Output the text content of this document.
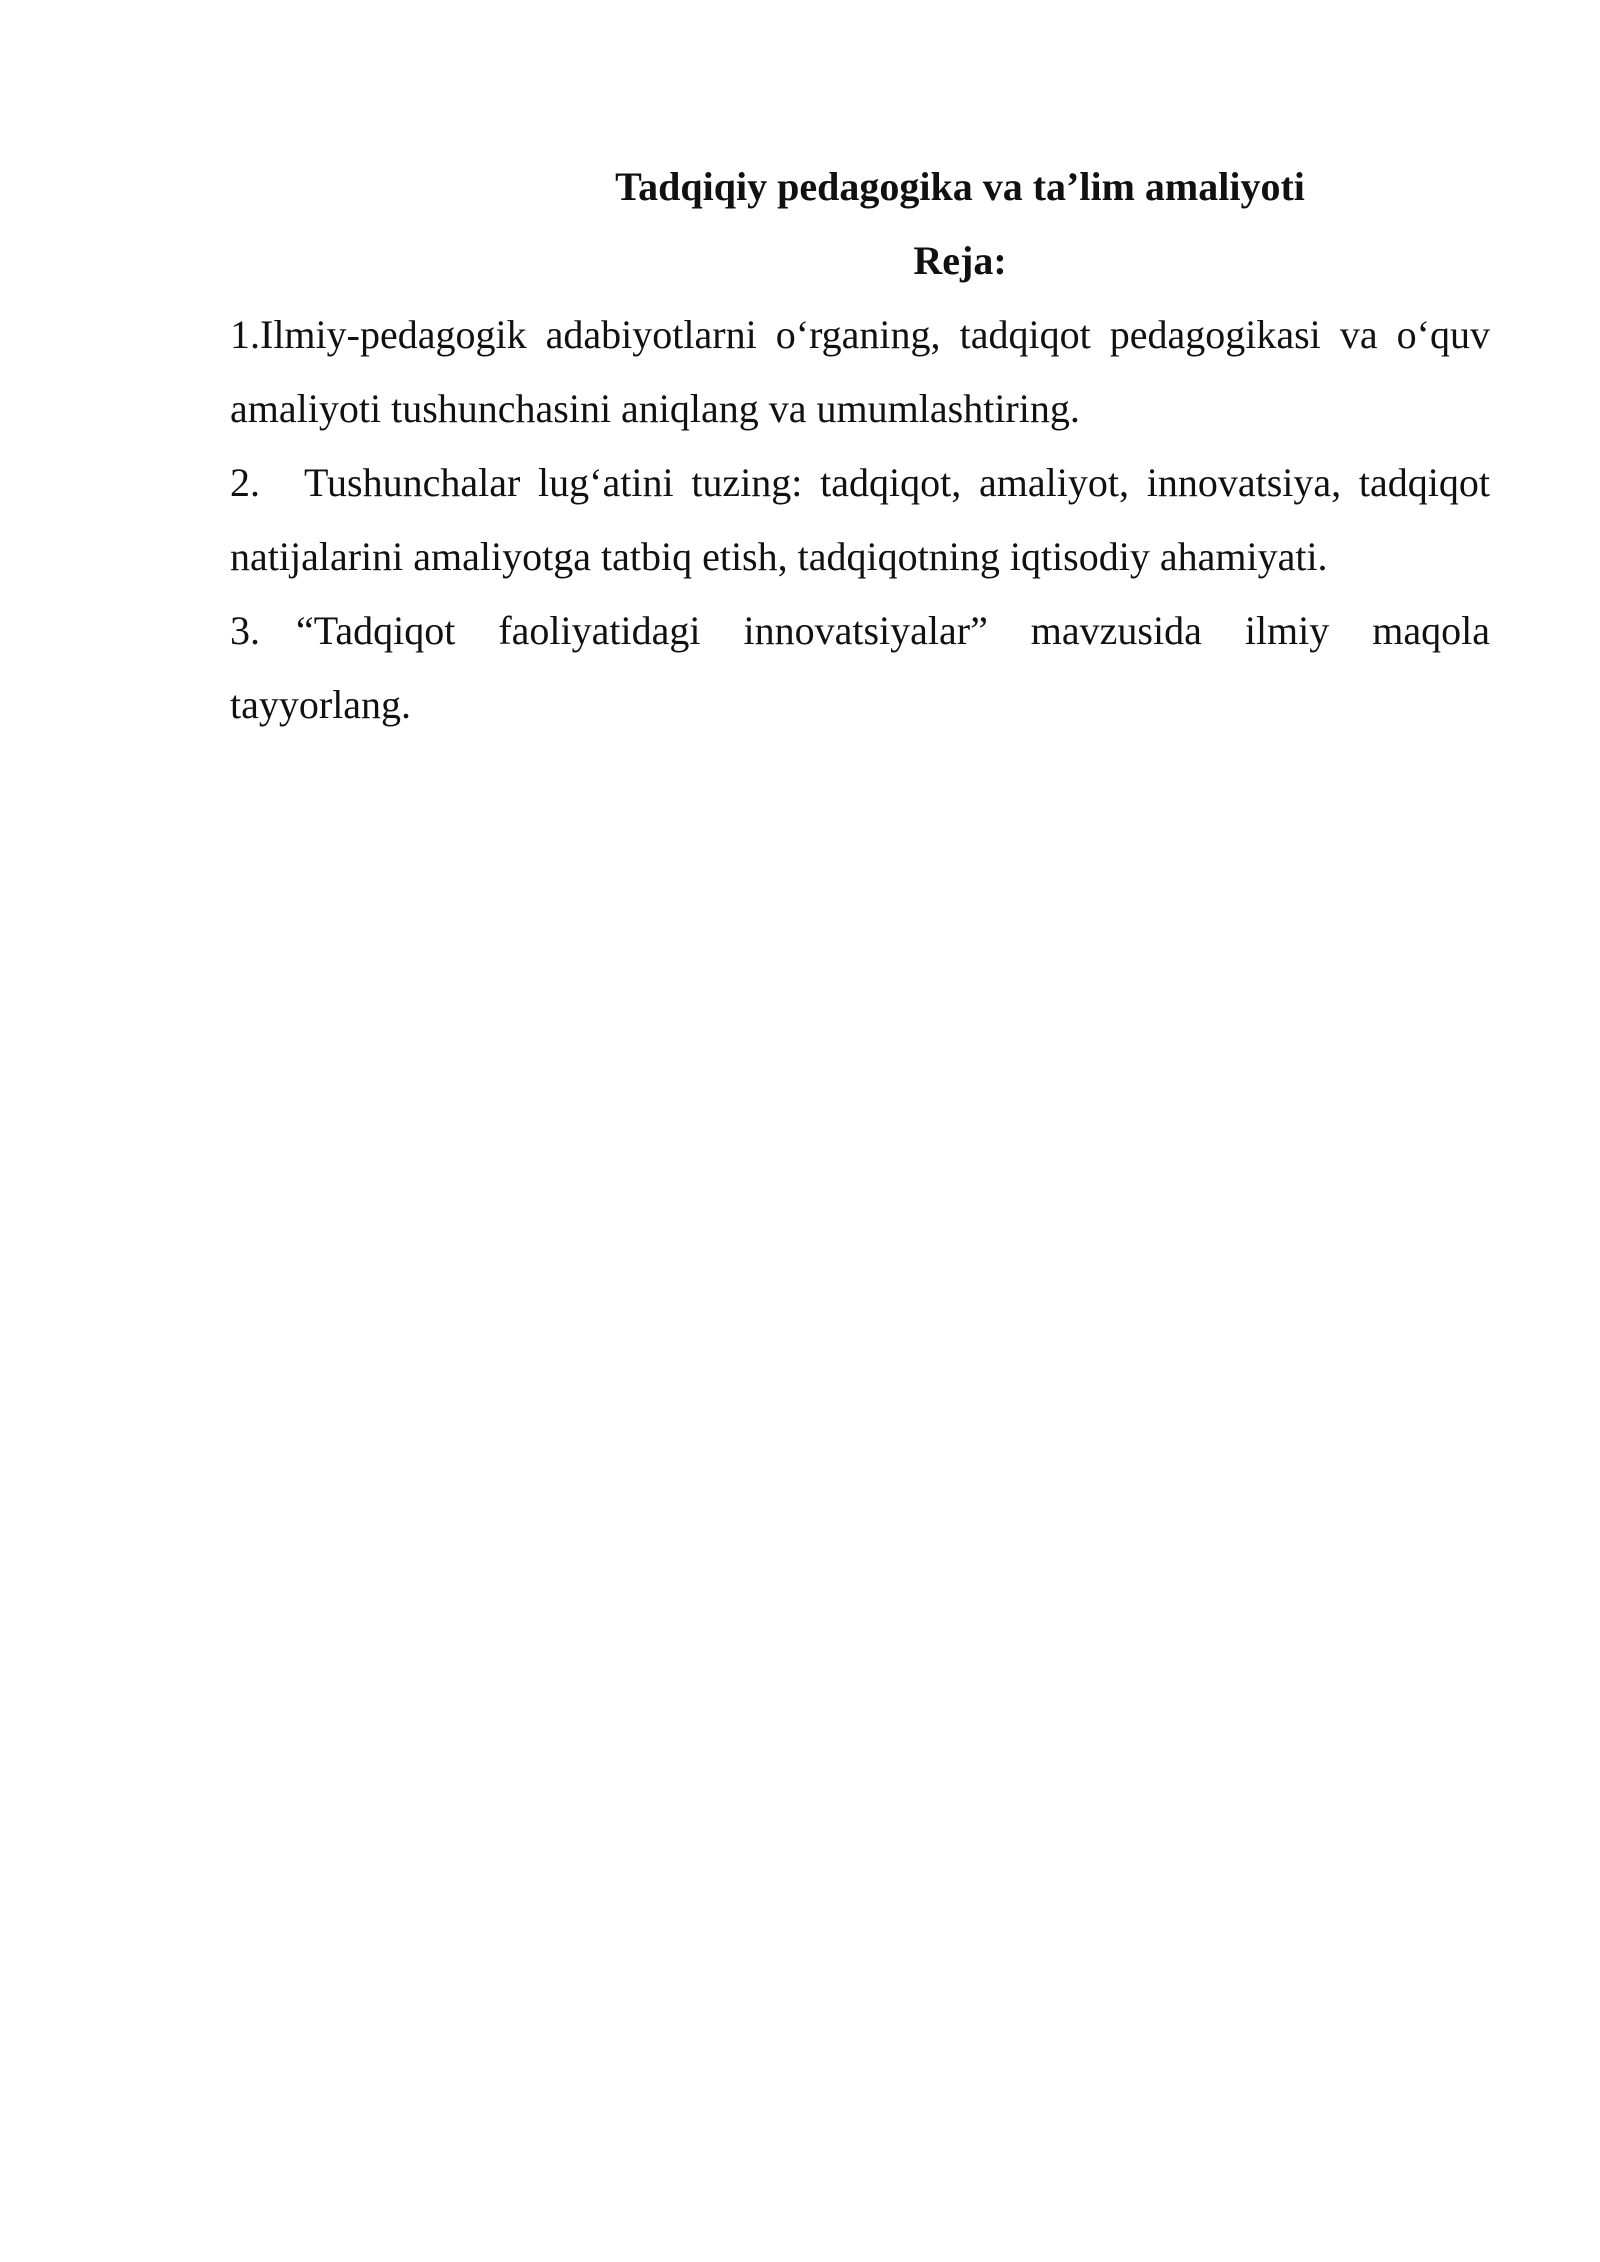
Tadqiqiy pedagogika va ta’lim amaliyoti

Reja:

1.Ilmiy-pedagogik adabiyotlarni o‘rganing, tadqiqot pedagogikasi va o‘quv amaliyoti tushunchasini aniqlang va umumlashtiring.

2. Tushunchalar lug‘atini tuzing: tadqiqot, amaliyot, innovatsiya, tadqiqot natijalarini amaliyotga tatbiq etish, tadqiqotning iqtisodiy ahamiyati.

3. “Tadqiqot faoliyatidagi innovatsiyalar” mavzusida ilmiy maqola tayyorlang.
